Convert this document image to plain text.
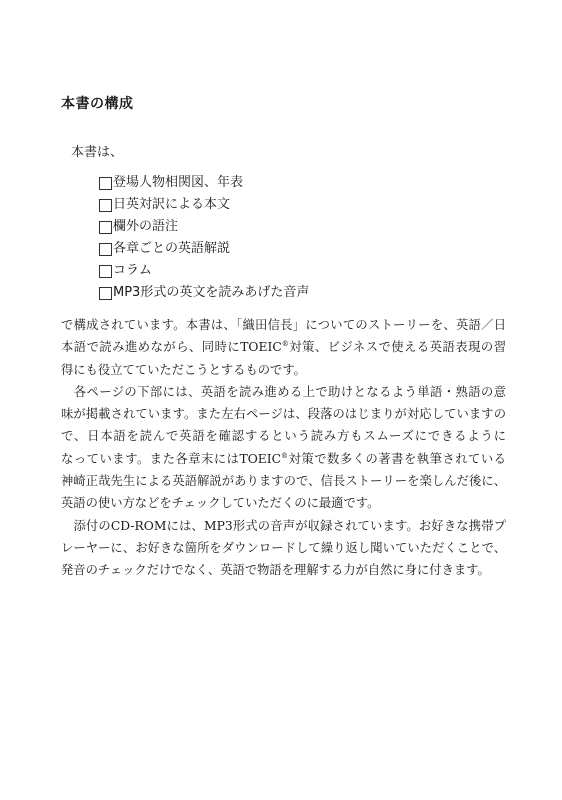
本書の構成

本書は、

登場人物相関図、年表
日英対訳による本文
欄外の語注
各章ごとの英語解説
コラム
MP3形式の英文を読みあげた音声

で構成されています。本書は、「織田信長」についてのストーリーを、英語／日
本語で読み進めながら、同時にTOEIC®対策、ビジネスで使える英語表現の習
得にも役立てていただこうとするものです。

　各ページの下部には、英語を読み進める上で助けとなるよう単語・熟語の意
味が掲載されています。また左右ページは、段落のはじまりが対応していますの
で、日本語を読んで英語を確認するという読み方もスムーズにできるように
なっています。また各章末にはTOEIC®対策で数多くの著書を執筆されている
神崎正哉先生による英語解説がありますので、信長ストーリーを楽しんだ後に、
英語の使い方などをチェックしていただくのに最適です。

　添付のCD-ROMには、MP3形式の音声が収録されています。お好きな携帯プ
レーヤーに、お好きな箇所をダウンロードして繰り返し聞いていただくことで、
発音のチェックだけでなく、英語で物語を理解する力が自然に身に付きます。
